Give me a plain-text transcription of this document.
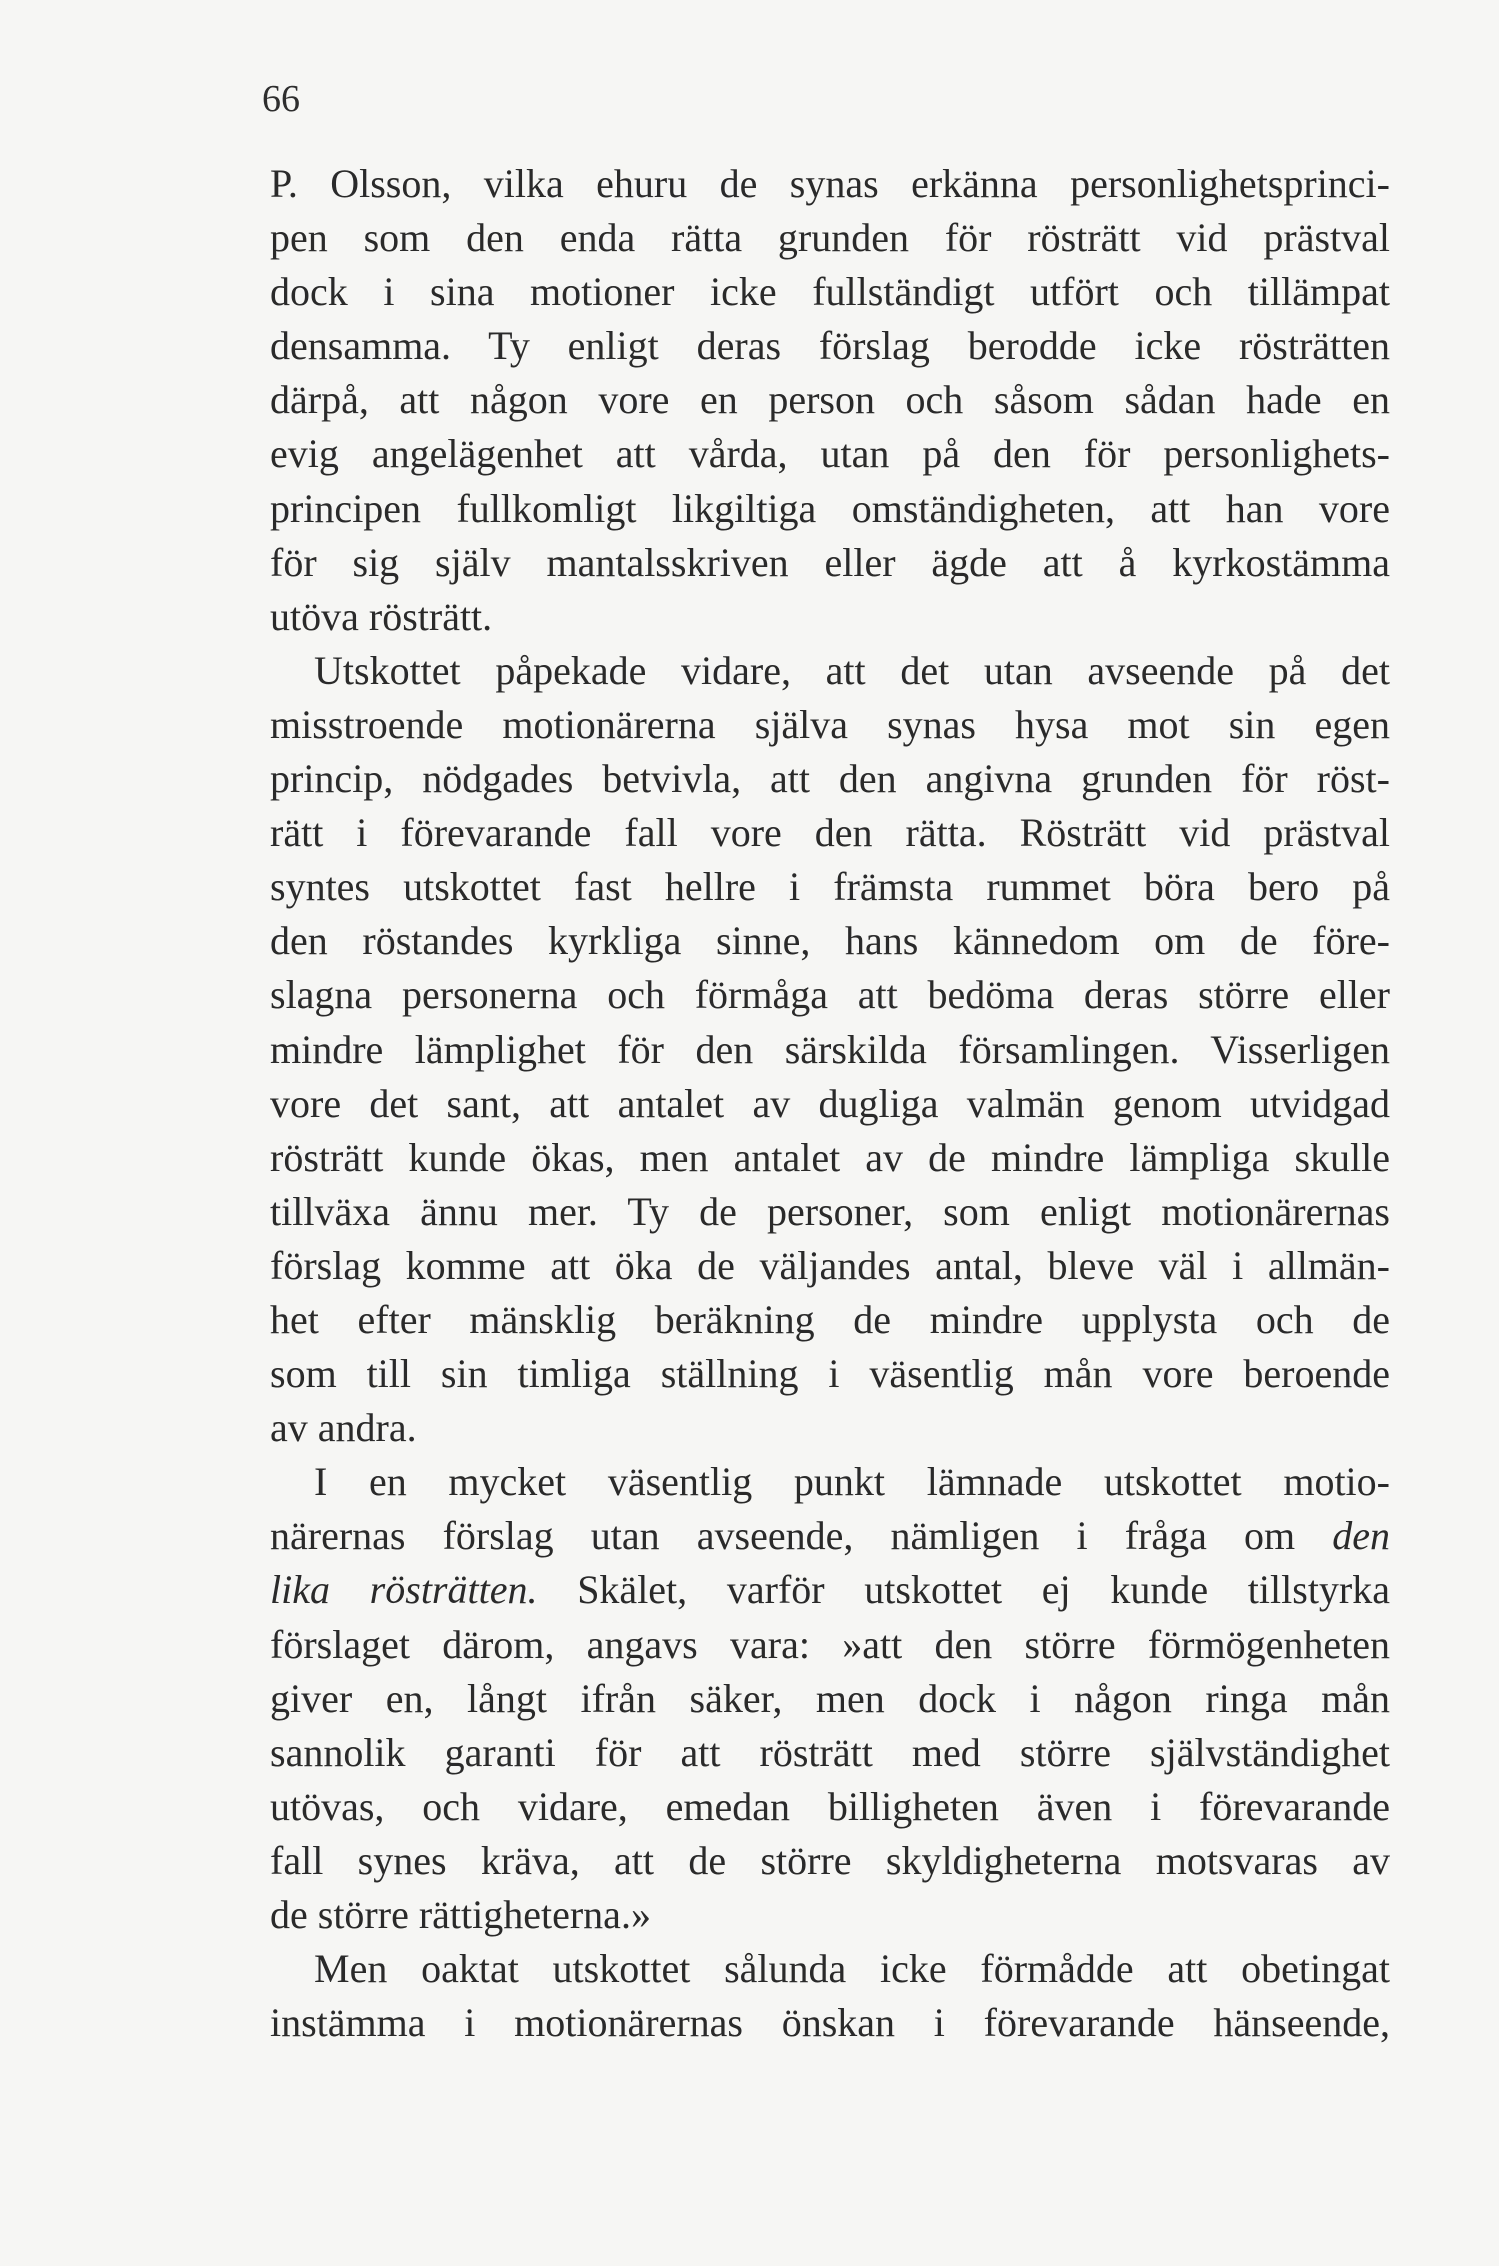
66
P. Olsson, vilka ehuru de synas erkänna personlighetsprinci-
pen som den enda rätta grunden för rösträtt vid prästval
dock i sina motioner icke fullständigt utfört och tillämpat
densamma. Ty enligt deras förslag berodde icke rösträtten
därpå, att någon vore en person och såsom sådan hade en
evig angelägenhet att vårda, utan på den för personlighets-
principen fullkomligt likgiltiga omständigheten, att han vore
för sig själv mantalsskriven eller ägde att å kyrkostämma
utöva rösträtt.
Utskottet påpekade vidare, att det utan avseende på det
misstroende motionärerna själva synas hysa mot sin egen
princip, nödgades betvivla, att den angivna grunden för röst-
rätt i förevarande fall vore den rätta. Rösträtt vid prästval
syntes utskottet fast hellre i främsta rummet böra bero på
den röstandes kyrkliga sinne, hans kännedom om de före-
slagna personerna och förmåga att bedöma deras större eller
mindre lämplighet för den särskilda församlingen. Visserligen
vore det sant, att antalet av dugliga valmän genom utvidgad
rösträtt kunde ökas, men antalet av de mindre lämpliga skulle
tillväxa ännu mer. Ty de personer, som enligt motionärernas
förslag komme att öka de väljandes antal, bleve väl i allmän-
het efter mänsklig beräkning de mindre upplysta och de
som till sin timliga ställning i väsentlig mån vore beroende
av andra.
I en mycket väsentlig punkt lämnade utskottet motio-
närernas förslag utan avseende, nämligen i fråga om den
lika rösträtten. Skälet, varför utskottet ej kunde tillstyrka
förslaget därom, angavs vara: »att den större förmögenheten
giver en, långt ifrån säker, men dock i någon ringa mån
sannolik garanti för att rösträtt med större självständighet
utövas, och vidare, emedan billigheten även i förevarande
fall synes kräva, att de större skyldigheterna motsvaras av
de större rättigheterna.»
Men oaktat utskottet sålunda icke förmådde att obetingat
instämma i motionärernas önskan i förevarande hänseende,
